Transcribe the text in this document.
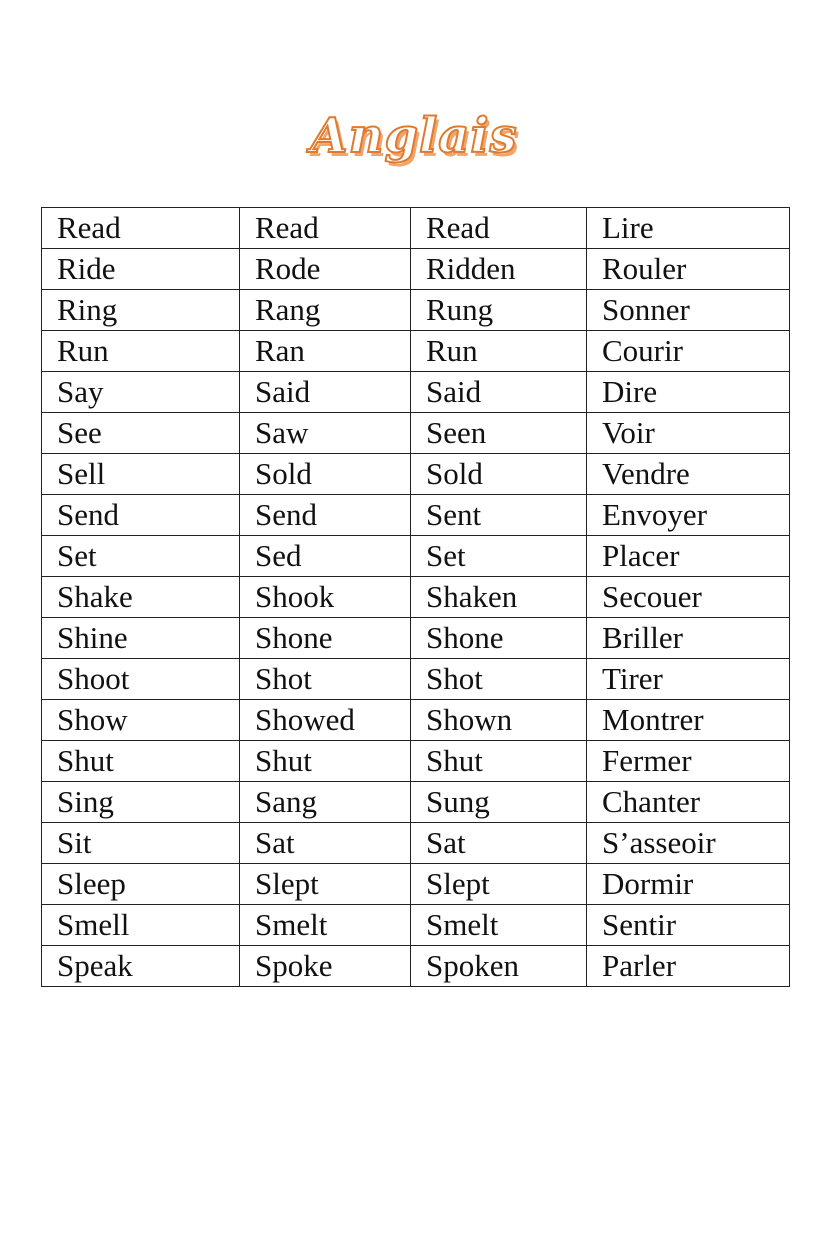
Anglais
Read	Read	Read	Lire
Ride	Rode	Ridden	Rouler
Ring	Rang	Rung	Sonner
Run	Ran	Run	Courir
Say	Said	Said	Dire
See	Saw	Seen	Voir
Sell	Sold	Sold	Vendre
Send	Send	Sent	Envoyer
Set	Sed	Set	Placer
Shake	Shook	Shaken	Secouer
Shine	Shone	Shone	Briller
Shoot	Shot	Shot	Tirer
Show	Showed	Shown	Montrer
Shut	Shut	Shut	Fermer
Sing	Sang	Sung	Chanter
Sit	Sat	Sat	S’asseoir
Sleep	Slept	Slept	Dormir
Smell	Smelt	Smelt	Sentir
Speak	Spoke	Spoken	Parler
